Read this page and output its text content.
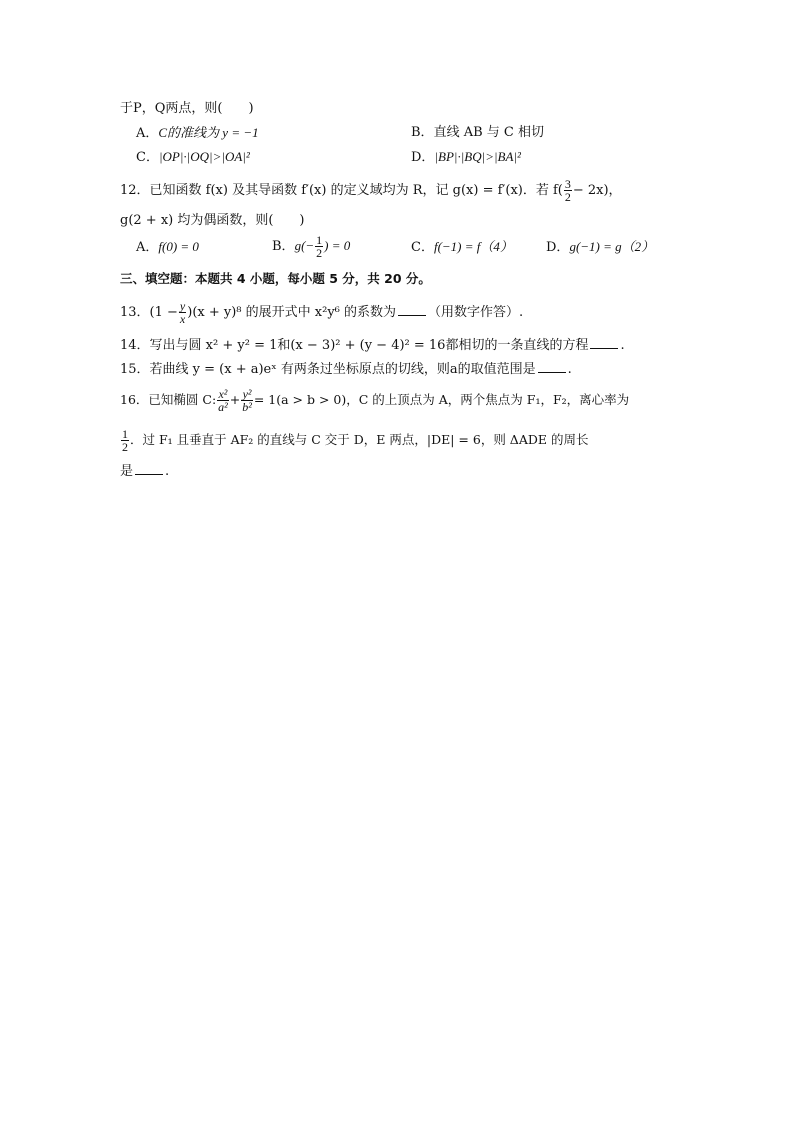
于P，Q两点，则(　　)
A．C的准线为 y = −1	B．直线 AB 与 C 相切
C．|OP|·|OQ|>|OA|²	D．|BP|·|BQ|>|BA|²
12．已知函数 f(x) 及其导函数 f′(x) 的定义域均为 R，记 g(x) = f′(x)．若 $f( \frac{3}{2} - 2x)$，
g(2 + x) 均为偶函数，则(　　)
A．f(0) = 0	B．$g(- \frac{1}{2}$ ) = 0	C．f(−1) = f（4）	D．g(−1) = g（2）
三、填空题：本题共 4 小题，每小题 5 分，共 20 分。
13．$(1 - \frac{y}{x} )(x + y)^8$ 的展开式中 x²y⁶ 的系数为 （用数字作答）.
14．写出与圆 x² + y² = 1和(x − 3)² + (y − 4)² = 16都相切的一条直线的方程 .
15．若曲线 y = (x + a)eˣ 有两条过坐标原点的切线，则a的取值范围是 .
16．已知椭圆 C: $\frac{\text{x²}}{\text{a²}} + \frac{\text{y²}}{\text{b²}} = 1(a > b > 0)$，C 的上顶点为 A，两个焦点为 F₁，F₂，离心率为
$\frac{1}{2}$ ．过 F₁ 且垂直于 AF₂ 的直线与 C 交于 D，E 两点，|DE| = 6，则 ΔADE 的周长
是 .
